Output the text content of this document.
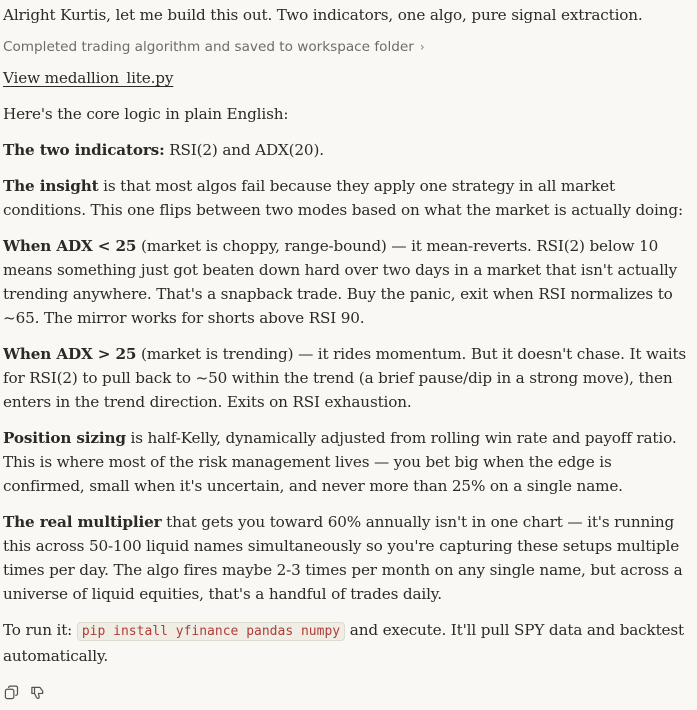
Alright Kurtis, let me build this out. Two indicators, one algo, pure signal extraction.

Completed trading algorithm and saved to workspace folder ›
View medallion_lite.py

Here's the core logic in plain English:

The two indicators: RSI(2) and ADX(20).

The insight is that most algos fail because they apply one strategy in all market conditions. This one flips between two modes based on what the market is actually doing:

When ADX < 25 (market is choppy, range-bound) — it mean-reverts. RSI(2) below 10 means something just got beaten down hard over two days in a market that isn't actually trending anywhere. That's a snapback trade. Buy the panic, exit when RSI normalizes to ~65. The mirror works for shorts above RSI 90.

When ADX > 25 (market is trending) — it rides momentum. But it doesn't chase. It waits for RSI(2) to pull back to ~50 within the trend (a brief pause/dip in a strong move), then enters in the trend direction. Exits on RSI exhaustion.

Position sizing is half-Kelly, dynamically adjusted from rolling win rate and payoff ratio. This is where most of the risk management lives — you bet big when the edge is confirmed, small when it's uncertain, and never more than 25% on a single name.

The real multiplier that gets you toward 60% annually isn't in one chart — it's running this across 50-100 liquid names simultaneously so you're capturing these setups multiple times per day. The algo fires maybe 2-3 times per month on any single name, but across a universe of liquid equities, that's a handful of trades daily.

To run it: pip install yfinance pandas numpy and execute. It'll pull SPY data and backtest automatically.
